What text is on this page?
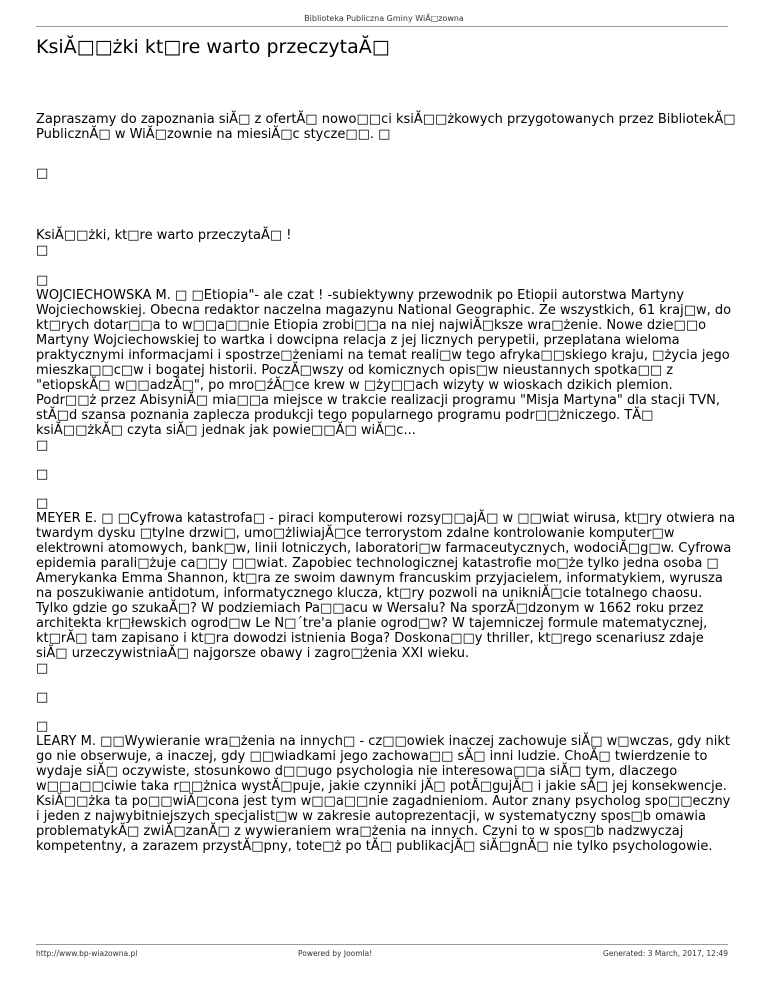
Biblioteka Publiczna Gminy WiĂ□zowna
KsiĂ□□żki kt□re warto przeczytaĂ□

Zapraszamy do zapoznania siĂ□ z ofertĂ□ nowo□□ci ksiĂ□□żkowych przygotowanych przez BibliotekĂ□ PublicznĂ□ w WiĂ□zownie na miesiĂ□c stycze□□. □

□

KsiĂ□□żki, kt□re warto przeczytaĂ□ !

□

□

WOJCIECHOWSKA M. □ □Etiopia"- ale czat ! -subiektywny przewodnik po Etiopii autorstwa Martyny Wojciechowskiej. Obecna redaktor naczelna magazynu National Geographic. Ze wszystkich, 61 kraj□w, do kt□rych dotar□□a to w□□a□□nie Etiopia zrobi□□a na niej najwiĂ□ksze wra□żenie. Nowe dzie□□o Martyny Wojciechowskiej to wartka i dowcipna relacja z jej licznych perypetii, przeplatana wieloma praktycznymi informacjami i spostrze□żeniami na temat reali□w tego afryka□□skiego kraju, □życia jego mieszka□□c□w i bogatej historii. PoczĂ□wszy od komicznych opis□w nieustannych spotka□□ z "etiopskĂ□ w□□adzĂ□", po mro□źĂ□ce krew w □ży□□ach wizyty w wioskach dzikich plemion. Podr□□ż przez AbisyniĂ□ mia□□a miejsce w trakcie realizacji programu "Misja Martyna" dla stacji TVN, stĂ□d szansa poznania zaplecza produkcji tego popularnego programu podr□□żniczego. TĂ□ ksiĂ□□żkĂ□ czyta siĂ□ jednak jak powie□□Ă□ wiĂ□c...

□

□

□

MEYER E. □ □Cyfrowa katastrofa□ - piraci komputerowi rozsy□□ajĂ□ w □□wiat wirusa, kt□ry otwiera na twardym dysku □tylne drzwi□, umo□żliwiajĂ□ce terrorystom zdalne kontrolowanie komputer□w elektrowni atomowych, bank□w, linii lotniczych, laboratori□w farmaceutycznych, wodociĂ□g□w. Cyfrowa epidemia parali□żuje ca□□y □□wiat. Zapobiec technologicznej katastrofie mo□że tylko jedna osoba □ Amerykanka Emma Shannon, kt□ra ze swoim dawnym francuskim przyjacielem, informatykiem, wyrusza na poszukiwanie antidotum, informatycznego klucza, kt□ry pozwoli na unikniĂ□cie totalnego chaosu. Tylko gdzie go szukaĂ□? W podziemiach Pa□□acu w Wersalu? Na sporzĂ□dzonym w 1662 roku przez architekta kr□łewskich ogrod□w Le N□´tre'a planie ogrod□w? W tajemniczej formule matematycznej, kt□rĂ□ tam zapisano i kt□ra dowodzi istnienia Boga? Doskona□□y thriller, kt□rego scenariusz zdaje siĂ□ urzeczywistniaĂ□ najgorsze obawy i zagro□żenia XXI wieku.

□

□

□

LEARY M. □□Wywieranie wra□żenia na innych□ - cz□□owiek inaczej zachowuje siĂ□ w□wczas, gdy nikt go nie obserwuje, a inaczej, gdy □□wiadkami jego zachowa□□ sĂ□ inni ludzie. ChoĂ□ twierdzenie to wydaje siĂ□ oczywiste, stosunkowo d□□ugo psychologia nie interesowa□□a siĂ□ tym, dlaczego w□□a□□ciwie taka r□□żnica wystĂ□puje, jakie czynniki jĂ□ potĂ□gujĂ□ i jakie sĂ□ jej konsekwencje. KsiĂ□□żka ta po□□wiĂ□cona jest tym w□□a□□nie zagadnieniom. Autor znany psycholog spo□□eczny i jeden z najwybitniejszych specjalist□w w zakresie autoprezentacji, w systematyczny spos□b omawia problematykĂ□ zwiĂ□zanĂ□ z wywieraniem wra□żenia na innych. Czyni to w spos□b nadzwyczaj kompetentny, a zarazem przystĂ□pny, tote□ż po tĂ□ publikacjĂ□ siĂ□gnĂ□ nie tylko psychologowie.

http://www.bp-wiazowna.pl	Powered by Joomla!	Generated: 3 March, 2017, 12:49
